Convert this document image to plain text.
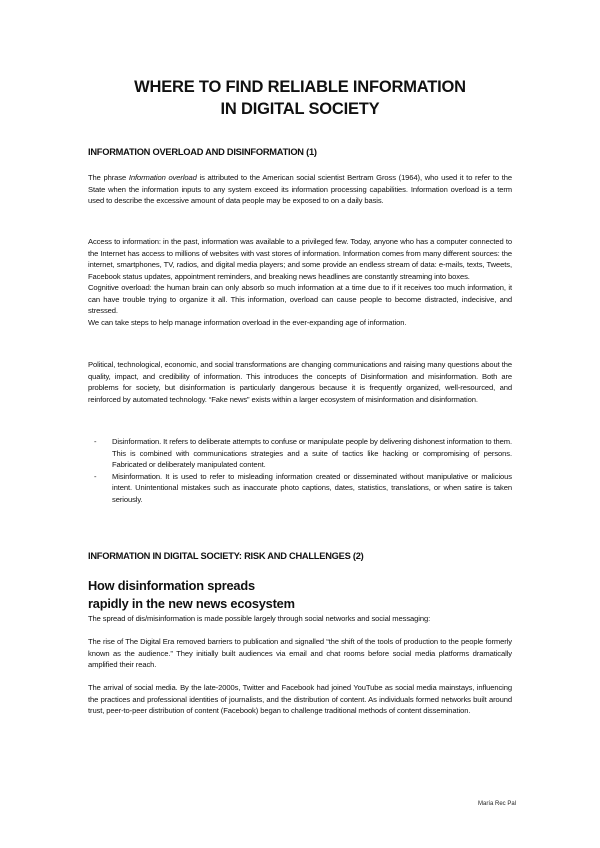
WHERE TO FIND RELIABLE INFORMATION
IN DIGITAL SOCIETY
INFORMATION OVERLOAD AND DISINFORMATION (1)

The phrase Information overload is attributed to the American social scientist Bertram Gross (1964), who used it to refer to the State when the information inputs to any system exceed its information processing capabilities. Information overload is a term used to describe the excessive amount of data people may be exposed to on a daily basis.

Access to information: in the past, information was available to a privileged few. Today, anyone who has a computer connected to the Internet has access to millions of websites with vast stores of information. Information comes from many different sources: the internet, smartphones, TV, radios, and digital media players; and some provide an endless stream of data: e-mails, texts, Tweets, Facebook status updates, appointment reminders, and breaking news headlines are constantly streaming into boxes.

Cognitive overload: the human brain can only absorb so much information at a time due to if it receives too much information, it can have trouble trying to organize it all. This information, overload can cause people to become distracted, indecisive, and stressed.

We can take steps to help manage information overload in the ever-expanding age of information.

Political, technological, economic, and social transformations are changing communications and raising many questions about the quality, impact, and credibility of information. This introduces the concepts of Disinformation and misinformation. Both are problems for society, but disinformation is particularly dangerous because it is frequently organized, well-resourced, and reinforced by automated technology. “Fake news” exists within a larger ecosystem of misinformation and disinformation.

-	Disinformation. It refers to deliberate attempts to confuse or manipulate people by delivering dishonest information to them. This is combined with communications strategies and a suite of tactics like hacking or compromising of persons. Fabricated or deliberately manipulated content.
-	Misinformation. It is used to refer to misleading information created or disseminated without manipulative or malicious intent. Unintentional mistakes such as inaccurate photo captions, dates, statistics, translations, or when satire is taken seriously.
INFORMATION IN DIGITAL SOCIETY: RISK AND CHALLENGES (2)
How disinformation spreads
rapidly in the new news ecosystem

The spread of dis/misinformation is made possible largely through social networks and social messaging:

The rise of The Digital Era removed barriers to publication and signalled “the shift of the tools of production to the people formerly known as the audience.” They initially built audiences via email and chat rooms before social media platforms dramatically amplified their reach.

The arrival of social media. By the late-2000s, Twitter and Facebook had joined YouTube as social media mainstays, influencing the practices and professional identities of journalists, and the distribution of content. As individuals formed networks built around trust, peer-to-peer distribution of content (Facebook) began to challenge traditional methods of content dissemination.

María Rec Pal
